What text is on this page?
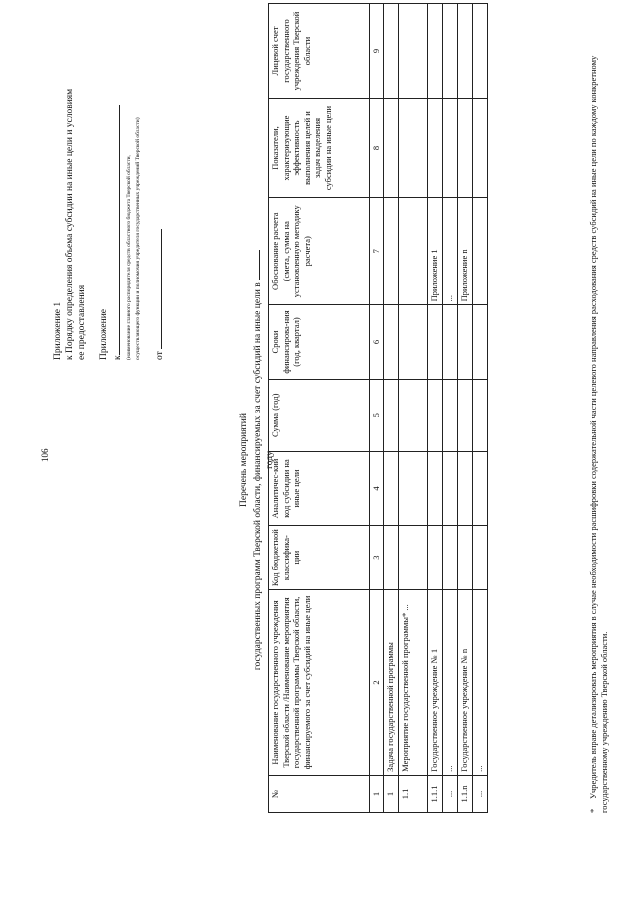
106
Приложение 1 к Порядку определения объема субсидии на иные цели и условиям ее предоставления Приложение к (наименование главного распорядителя средств областного бюджета Тверской области, осуществляющего функции и полномочия учредителя государственных учреждений Тверской области)	от
Перечень мероприятий государственных программ Тверской области, финансируемых за счет субсидий на иные цели в году
№	Наименование государственного учреждения Тверской области /Наименование мероприятия государственной программы Тверской области, финансируемого за счет субсидий на иные цели	Код бюджетной классифика-ции	Аналитичес-кий код субсидии на иные цели	Сумма (год)	Сроки финансирова-ния (год, квартал)	Обоснование расчета (смета, сумма на установленную методику расчета)	Показатели, характеризующие эффективность выполнения целей и задач выделения субсидии на иные цели	Лицевой счет государственного учреждения Тверской области
1	2	3	4	5	6	7	8	9
1	Задача государственной программы							
1.1	Мероприятие государственной программы* ...							
1.1.1	Государственное учреждение № 1					Приложение 1		
...	...					...		
1.1.n	Государственное учреждение № n					Приложение n		
...	...							
*Учредитель вправе детализировать мероприятия в случае необходимости расшифровки содержательной части целевого направления расходования средств субсидий на иные цели по каждому конкретному государственному учреждению Тверской области.
